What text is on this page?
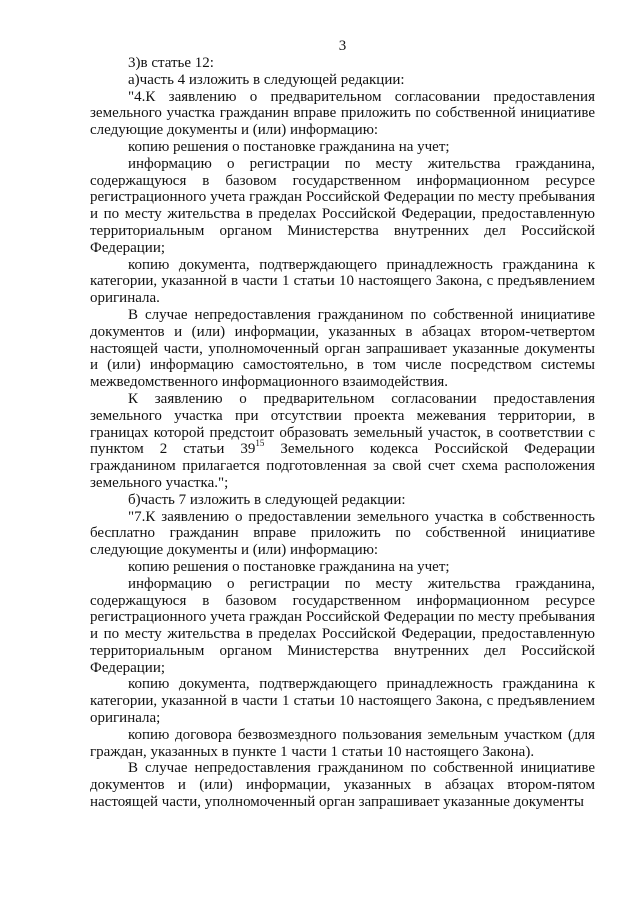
3

3)в статье 12:

а)часть 4 изложить в следующей редакции:

"4.К заявлению о предварительном согласовании предоставления земельного участка гражданин вправе приложить по собственной инициативе следующие документы и (или) информацию:

копию решения о постановке гражданина на учет;

информацию о регистрации по месту жительства гражданина, содержащуюся в базовом государственном информационном ресурсе регистрационного учета граждан Российской Федерации по месту пребывания и по месту жительства в пределах Российской Федерации, предоставленную территориальным органом Министерства внутренних дел Российской Федерации;

копию документа, подтверждающего принадлежность гражданина к категории, указанной в части 1 статьи 10 настоящего Закона, с предъявлением оригинала.

В случае непредоставления гражданином по собственной инициативе документов и (или) информации, указанных в абзацах втором-четвертом настоящей части, уполномоченный орган запрашивает указанные документы и (или) информацию самостоятельно, в том числе посредством системы межведомственного информационного взаимодействия.

К заявлению о предварительном согласовании предоставления земельного участка при отсутствии проекта межевания территории, в границах которой предстоит образовать земельный участок, в соответствии с пунктом 2 статьи $39^{15}$ Земельного кодекса Российской Федерации гражданином прилагается подготовленная за свой счет схема расположения земельного участка.";

б)часть 7 изложить в следующей редакции:

"7.К заявлению о предоставлении земельного участка в собственность бесплатно гражданин вправе приложить по собственной инициативе следующие документы и (или) информацию:

копию решения о постановке гражданина на учет;

информацию о регистрации по месту жительства гражданина, содержащуюся в базовом государственном информационном ресурсе регистрационного учета граждан Российской Федерации по месту пребывания и по месту жительства в пределах Российской Федерации, предоставленную территориальным органом Министерства внутренних дел Российской Федерации;

копию документа, подтверждающего принадлежность гражданина к категории, указанной в части 1 статьи 10 настоящего Закона, с предъявлением оригинала;

копию договора безвозмездного пользования земельным участком (для граждан, указанных в пункте 1 части 1 статьи 10 настоящего Закона).

В случае непредоставления гражданином по собственной инициативе документов и (или) информации, указанных в абзацах втором-пятом настоящей части, уполномоченный орган запрашивает указанные документы
